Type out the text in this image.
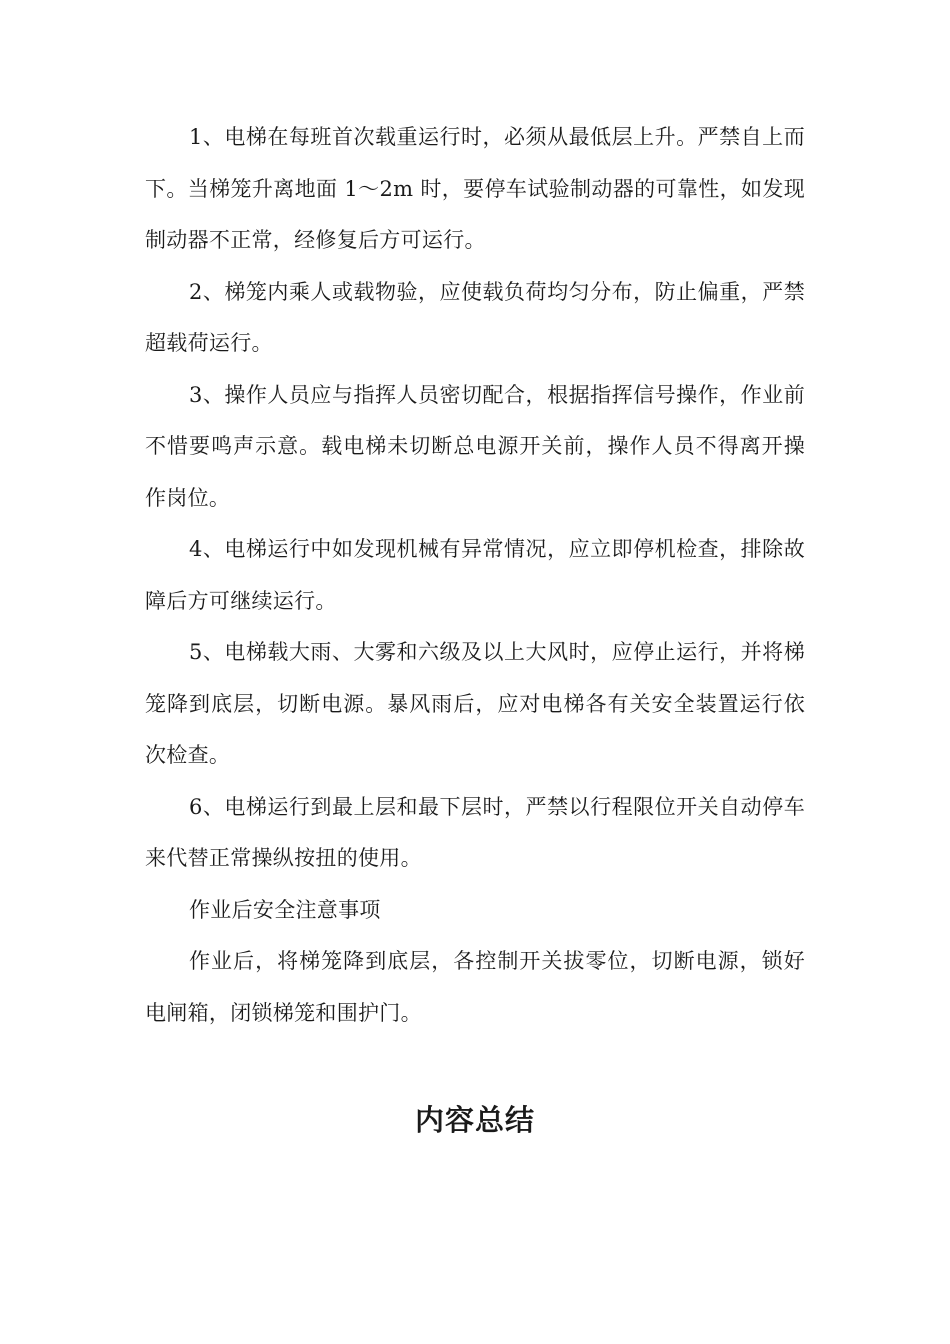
1、电梯在每班首次载重运行时，必须从最低层上升。严禁自上而下。当梯笼升离地面 1～2m 时，要停车试验制动器的可靠性，如发现制动器不正常，经修复后方可运行。

2、梯笼内乘人或载物验，应使载负荷均匀分布，防止偏重，严禁超载荷运行。

3、操作人员应与指挥人员密切配合，根据指挥信号操作，作业前不惜要鸣声示意。载电梯未切断总电源开关前，操作人员不得离开操作岗位。

4、电梯运行中如发现机械有异常情况，应立即停机检查，排除故障后方可继续运行。

5、电梯载大雨、大雾和六级及以上大风时，应停止运行，并将梯笼降到底层，切断电源。暴风雨后，应对电梯各有关安全装置运行依次检查。

6、电梯运行到最上层和最下层时，严禁以行程限位开关自动停车来代替正常操纵按扭的使用。

作业后安全注意事项

作业后，将梯笼降到底层，各控制开关拔零位，切断电源，锁好电闸箱，闭锁梯笼和围护门。

内容总结
